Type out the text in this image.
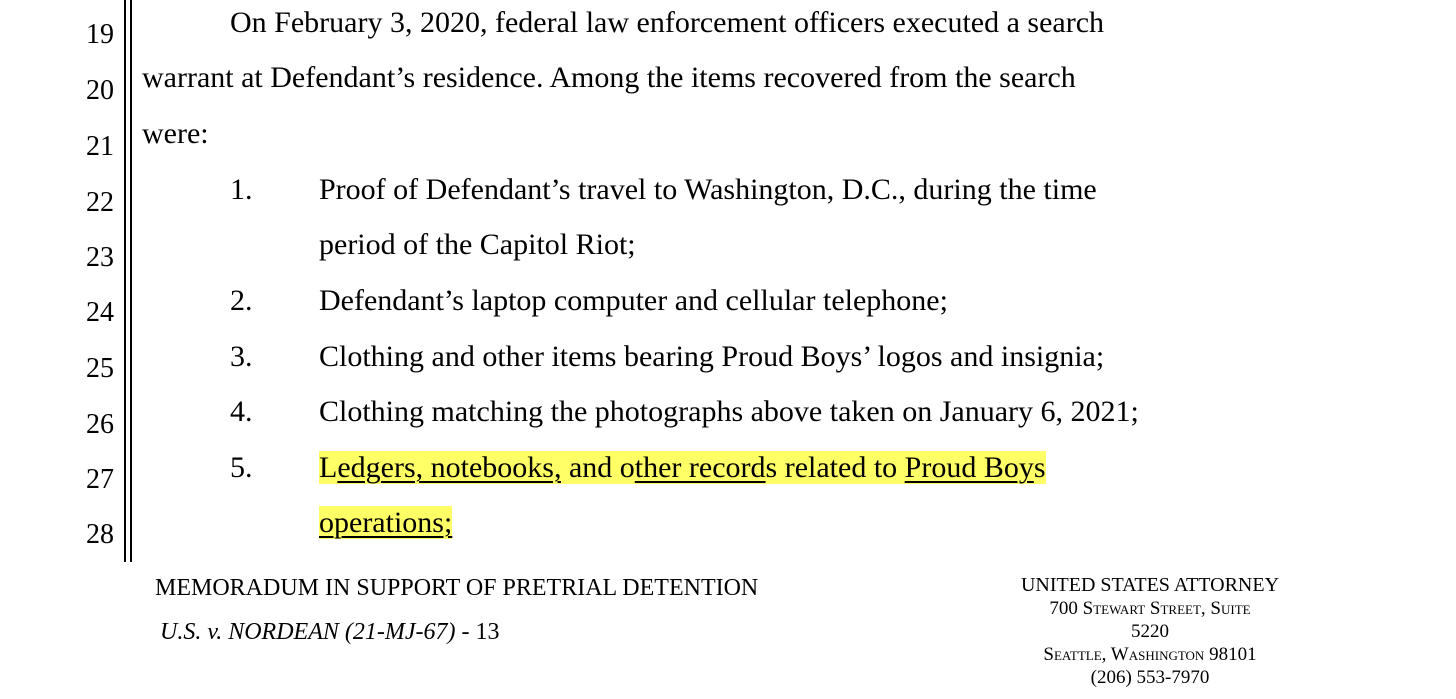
19
20
21
22
23
24
25
26
27
28
On February 3, 2020, federal law enforcement officers executed a search
warrant at Defendant’s residence. Among the items recovered from the search
were:
1. Proof of Defendant’s travel to Washington, D.C., during the time
period of the Capitol Riot;
2. Defendant’s laptop computer and cellular telephone;
3. Clothing and other items bearing Proud Boys’ logos and insignia;
4. Clothing matching the photographs above taken on January 6, 2021;
5. Ledgers, notebooks, and other records related to Proud Boys
operations;
MEMORADUM IN SUPPORT OF PRETRIAL DETENTION
U.S. v. NORDEAN (21-MJ-67) - 13
UNITED STATES ATTORNEY
700 Stewart Street, Suite
5220
Seattle, Washington 98101
(206) 553-7970
